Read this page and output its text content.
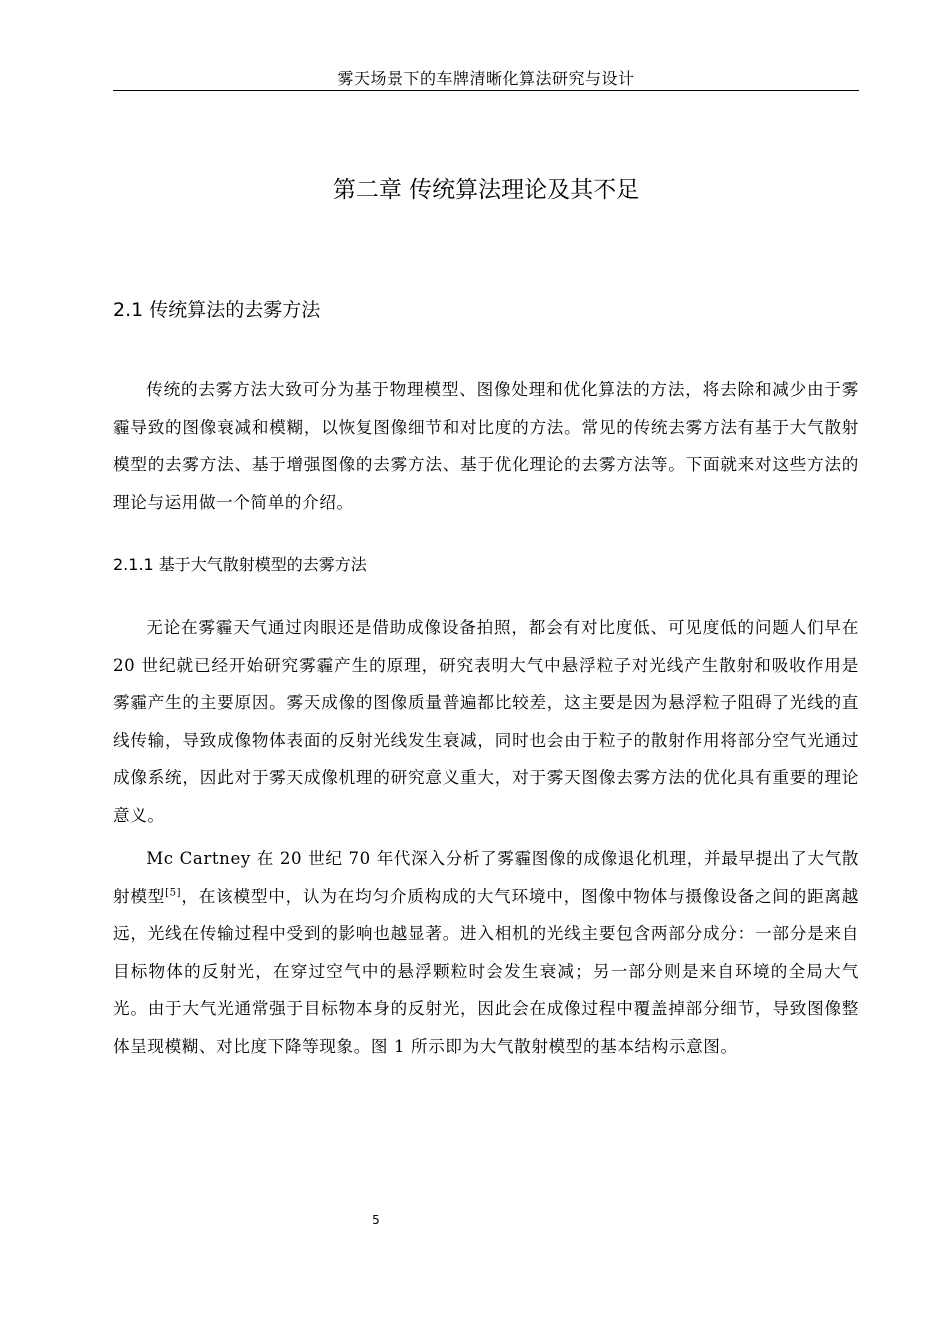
雾天场景下的车牌清晰化算法研究与设计
第二章 传统算法理论及其不足
2.1 传统算法的去雾方法

传统的去雾方法大致可分为基于物理模型、图像处理和优化算法的方法，将去除和减少由于雾霾导致的图像衰减和模糊，以恢复图像细节和对比度的方法。常见的传统去雾方法有基于大气散射模型的去雾方法、基于增强图像的去雾方法、基于优化理论的去雾方法等。下面就来对这些方法的理论与运用做一个简单的介绍。

2.1.1 基于大气散射模型的去雾方法

无论在雾霾天气通过肉眼还是借助成像设备拍照，都会有对比度低、可见度低的问题人们早在 20 世纪就已经开始研究雾霾产生的原理，研究表明大气中悬浮粒子对光线产生散射和吸收作用是雾霾产生的主要原因。雾天成像的图像质量普遍都比较差，这主要是因为悬浮粒子阻碍了光线的直线传输，导致成像物体表面的反射光线发生衰减，同时也会由于粒子的散射作用将部分空气光通过成像系统，因此对于雾天成像机理的研究意义重大，对于雾天图像去雾方法的优化具有重要的理论意义。

Mc Cartney 在 20 世纪 70 年代深入分析了雾霾图像的成像退化机理，并最早提出了大气散射模型[5]，在该模型中，认为在均匀介质构成的大气环境中，图像中物体与摄像设备之间的距离越远，光线在传输过程中受到的影响也越显著。进入相机的光线主要包含两部分成分：一部分是来自目标物体的反射光，在穿过空气中的悬浮颗粒时会发生衰减；另一部分则是来自环境的全局大气光。由于大气光通常强于目标物本身的反射光，因此会在成像过程中覆盖掉部分细节，导致图像整体呈现模糊、对比度下降等现象。图 1 所示即为大气散射模型的基本结构示意图。

5
